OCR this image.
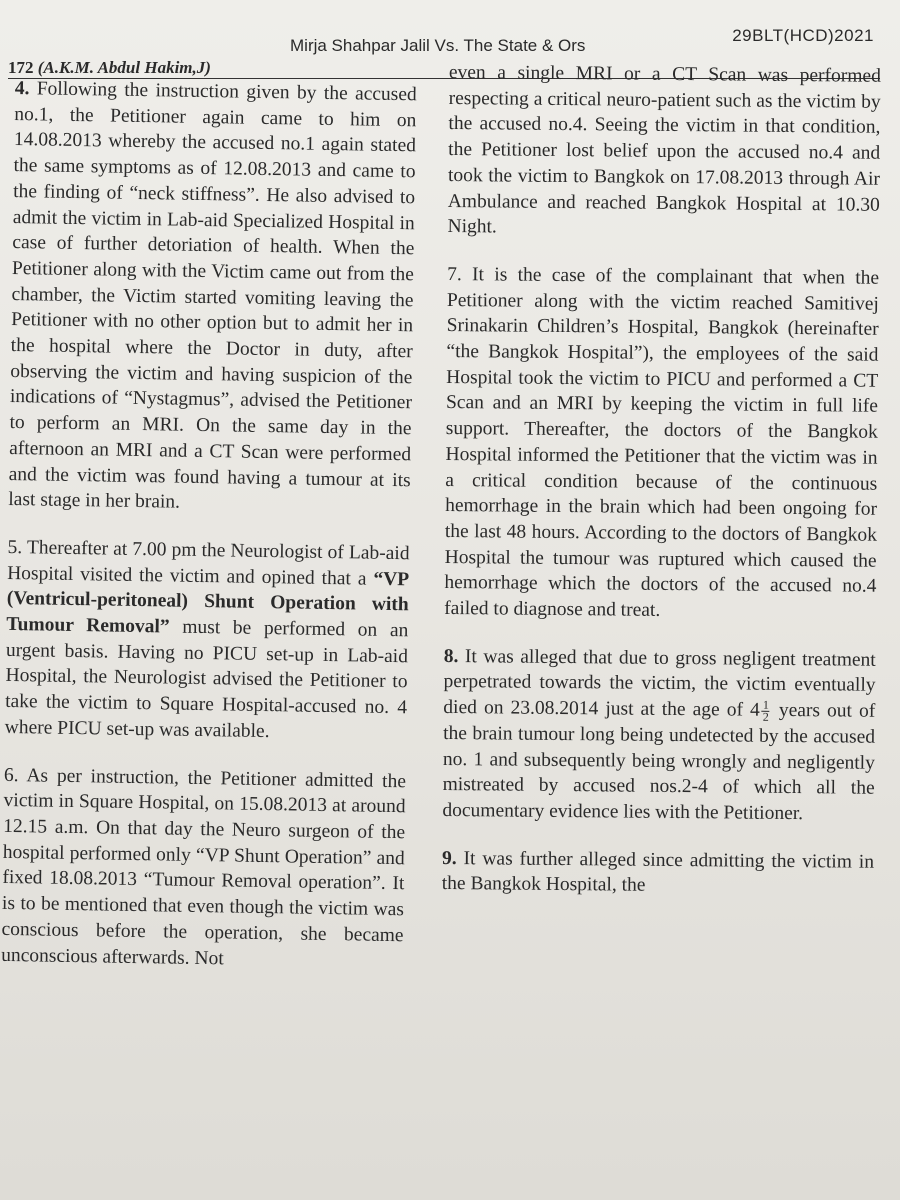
29BLT(HCD)2021
172 (A.K.M. Abdul Hakim,J)
Mirja Shahpar Jalil Vs. The State & Ors

4. Following the instruction given by the accused no.1, the Petitioner again came to him on 14.08.2013 whereby the accused no.1 again stated the same symptoms as of 12.08.2013 and came to the finding of “neck stiffness”. He also advised to admit the victim in Lab-aid Specialized Hospital in case of further detoriation of health. When the Petitioner along with the Victim came out from the chamber, the Victim started vomiting leaving the Petitioner with no other option but to admit her in the hospital where the Doctor in duty, after observing the victim and having suspicion of the indications of “Nystagmus”, advised the Petitioner to perform an MRI. On the same day in the afternoon an MRI and a CT Scan were performed and the victim was found having a tumour at its last stage in her brain.

5. Thereafter at 7.00 pm the Neurologist of Lab-aid Hospital visited the victim and opined that a “VP (Ventricul-peritoneal) Shunt Operation with Tumour Removal” must be performed on an urgent basis. Having no PICU set-up in Lab-aid Hospital, the Neurologist advised the Petitioner to take the victim to Square Hospital-accused no. 4 where PICU set-up was available.

6. As per instruction, the Petitioner admitted the victim in Square Hospital, on 15.08.2013 at around 12.15 a.m. On that day the Neuro surgeon of the hospital performed only “VP Shunt Operation” and fixed 18.08.2013 “Tumour Removal operation”. It is to be mentioned that even though the victim was conscious before the operation, she became unconscious afterwards. Not

even a single MRI or a CT Scan was performed respecting a critical neuro-patient such as the victim by the accused no.4. Seeing the victim in that condition, the Petitioner lost belief upon the accused no.4 and took the victim to Bangkok on 17.08.2013 through Air Ambulance and reached Bangkok Hospital at 10.30 Night.

7. It is the case of the complainant that when the Petitioner along with the victim reached Samitivej Srinakarin Children’s Hospital, Bangkok (hereinafter “the Bangkok Hospital”), the employees of the said Hospital took the victim to PICU and performed a CT Scan and an MRI by keeping the victim in full life support. Thereafter, the doctors of the Bangkok Hospital informed the Petitioner that the victim was in a critical condition because of the continuous hemorrhage in the brain which had been ongoing for the last 48 hours. According to the doctors of Bangkok Hospital the tumour was ruptured which caused the hemorrhage which the doctors of the accused no.4 failed to diagnose and treat.

8. It was alleged that due to gross negligent treatment perpetrated towards the victim, the victim eventually died on 23.08.2014 just at the age of $4 \frac{1}{2}$ years out of the brain tumour long being undetected by the accused no. 1 and subsequently being wrongly and negligently mistreated by accused nos.2-4 of which all the documentary evidence lies with the Petitioner.

9. It was further alleged since admitting the victim in the Bangkok Hospital, the
